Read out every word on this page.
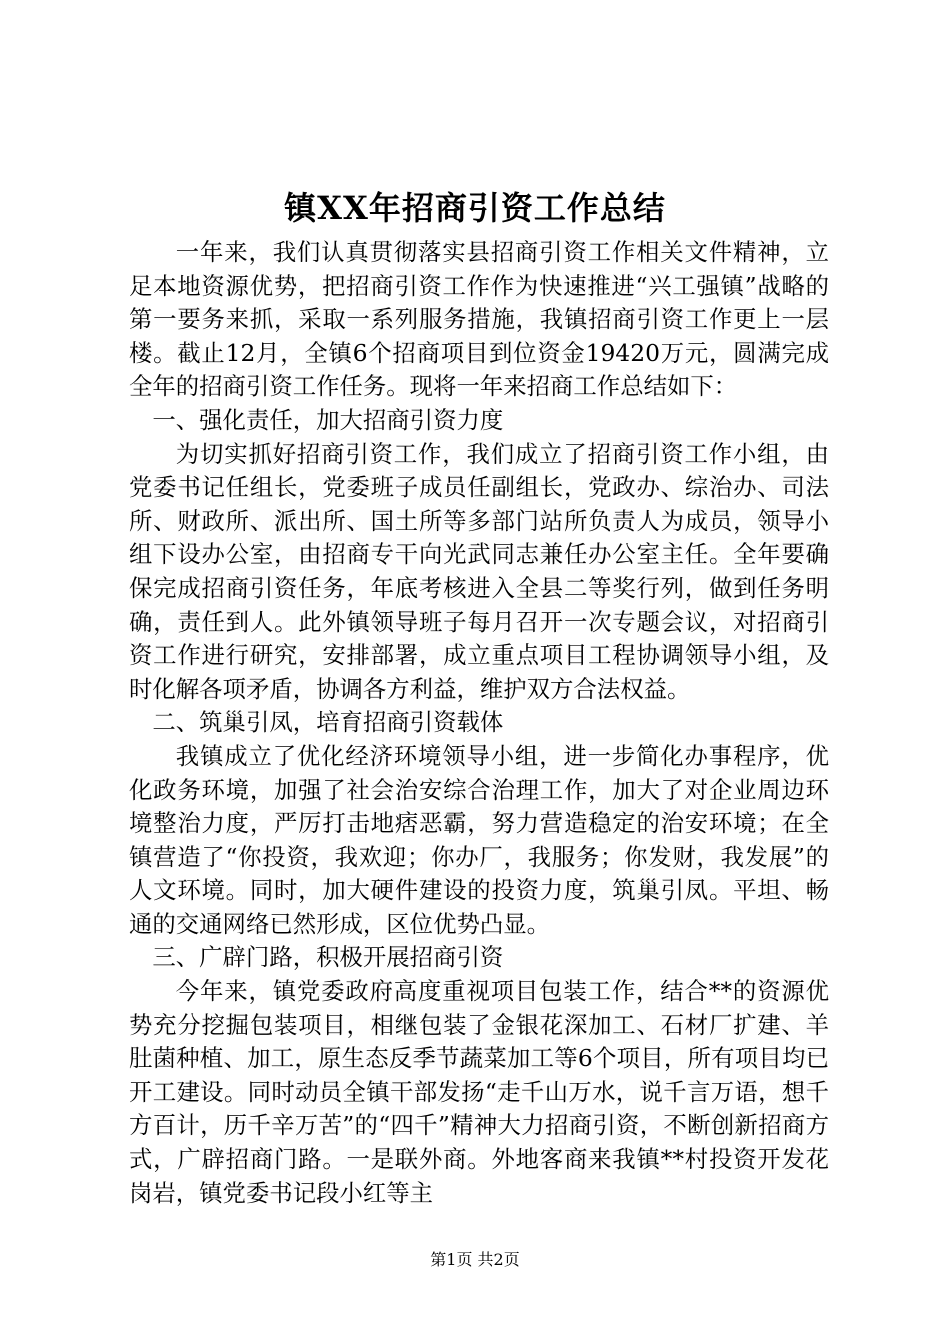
镇XX年招商引资工作总结

一年来，我们认真贯彻落实县招商引资工作相关文件精神，立足本地资源优势，把招商引资工作作为快速推进“兴工强镇”战略的第一要务来抓，采取一系列服务措施，我镇招商引资工作更上一层楼。截止12月，全镇6个招商项目到位资金19420万元，圆满完成全年的招商引资工作任务。现将一年来招商工作总结如下：

一、强化责任，加大招商引资力度

为切实抓好招商引资工作，我们成立了招商引资工作小组，由党委书记任组长，党委班子成员任副组长，党政办、综治办、司法所、财政所、派出所、国土所等多部门站所负责人为成员，领导小组下设办公室，由招商专干向光武同志兼任办公室主任。全年要确保完成招商引资任务，年底考核进入全县二等奖行列，做到任务明确，责任到人。此外镇领导班子每月召开一次专题会议，对招商引资工作进行研究，安排部署，成立重点项目工程协调领导小组，及时化解各项矛盾，协调各方利益，维护双方合法权益。

二、筑巢引凤，培育招商引资载体

我镇成立了优化经济环境领导小组，进一步简化办事程序，优化政务环境，加强了社会治安综合治理工作，加大了对企业周边环境整治力度，严厉打击地痞恶霸，努力营造稳定的治安环境；在全镇营造了“你投资，我欢迎；你办厂，我服务；你发财，我发展”的人文环境。同时，加大硬件建设的投资力度，筑巢引凤。平坦、畅通的交通网络已然形成，区位优势凸显。

三、广辟门路，积极开展招商引资

今年来，镇党委政府高度重视项目包装工作，结合**的资源优势充分挖掘包装项目，相继包装了金银花深加工、石材厂扩建、羊肚菌种植、加工，原生态反季节蔬菜加工等6个项目，所有项目均已开工建设。同时动员全镇干部发扬“走千山万水，说千言万语，想千方百计，历千辛万苦”的“四千”精神大力招商引资，不断创新招商方式，广辟招商门路。一是联外商。外地客商来我镇**村投资开发花岗岩，镇党委书记段小红等主

第1页 共2页
